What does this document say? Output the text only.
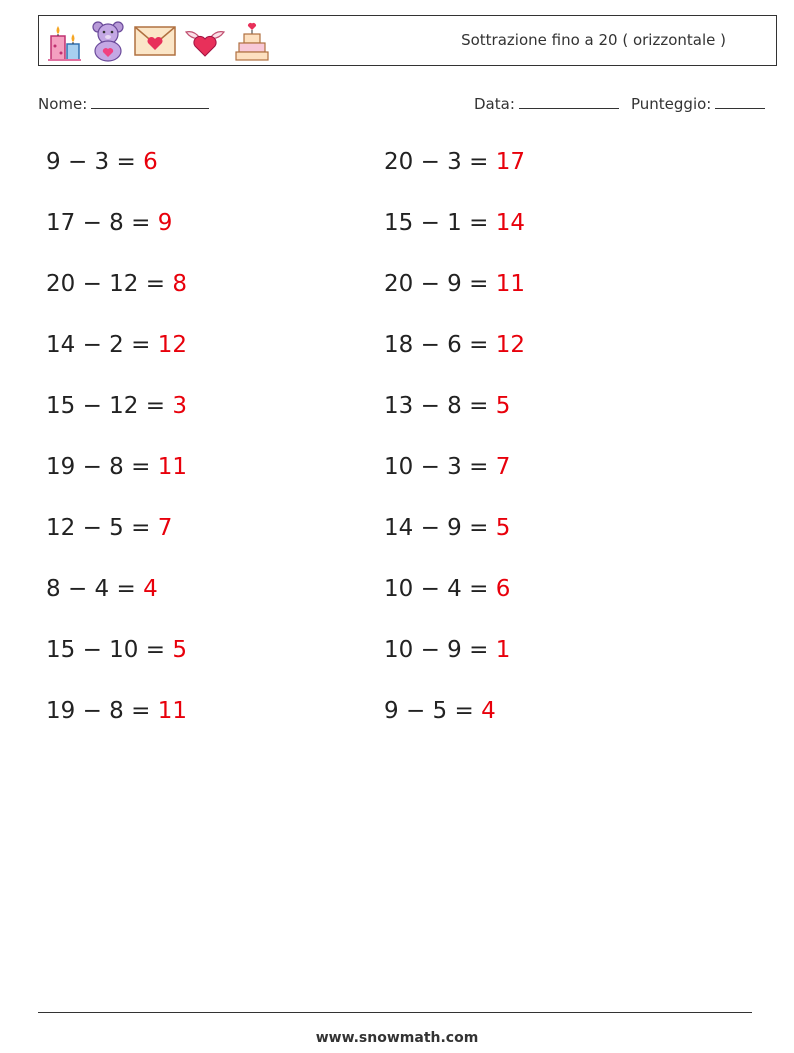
Sottrazione fino a 20 ( orizzontale )
Nome:	Data:	Punteggio:
9 − 3 = 6	20 − 3 = 17
17 − 8 = 9	15 − 1 = 14
20 − 12 = 8	20 − 9 = 11
14 − 2 = 12	18 − 6 = 12
15 − 12 = 3	13 − 8 = 5
19 − 8 = 11	10 − 3 = 7
12 − 5 = 7	14 − 9 = 5
8 − 4 = 4	10 − 4 = 6
15 − 10 = 5	10 − 9 = 1
19 − 8 = 11	9 − 5 = 4
www.snowmath.com
